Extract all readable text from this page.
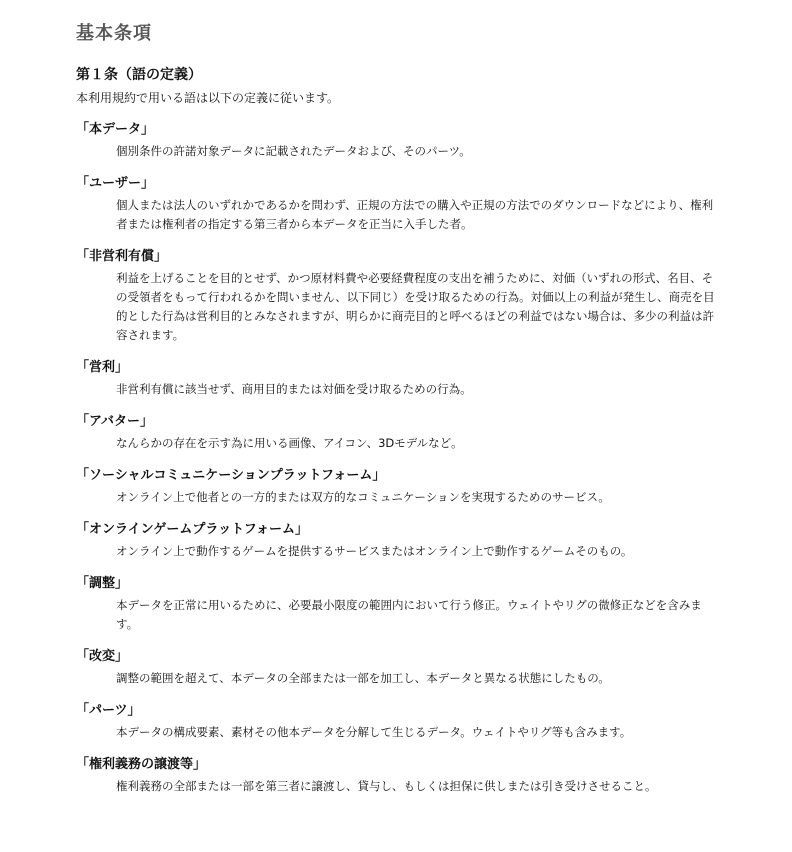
基本条項
第１条（語の定義）

本利用規約で用いる語は以下の定義に従います。

「本データ」

個別条件の許諾対象データに記載されたデータおよび、そのパーツ。

「ユーザー」

個人または法人のいずれかであるかを問わず、正規の方法での購入や正規の方法でのダウンロードなどにより、権利者または権利者の指定する第三者から本データを正当に入手した者。

「非営利有償」

利益を上げることを目的とせず、かつ原材料費や必要経費程度の支出を補うために、対価（いずれの形式、名目、その受領者をもって行われるかを問いません、以下同じ）を受け取るための行為。対価以上の利益が発生し、商売を目的とした行為は営利目的とみなされますが、明らかに商売目的と呼べるほどの利益ではない場合は、多少の利益は許容されます。

「営利」

非営利有償に該当せず、商用目的または対価を受け取るための行為。

「アバター」

なんらかの存在を示す為に用いる画像、アイコン、3Dモデルなど。

「ソーシャルコミュニケーションプラットフォーム」

オンライン上で他者との一方的または双方的なコミュニケーションを実現するためのサービス。

「オンラインゲームプラットフォーム」

オンライン上で動作するゲームを提供するサービスまたはオンライン上で動作するゲームそのもの。

「調整」

本データを正常に用いるために、必要最小限度の範囲内において行う修正。ウェイトやリグの微修正などを含みます。

「改変」

調整の範囲を超えて、本データの全部または一部を加工し、本データと異なる状態にしたもの。

「パーツ」

本データの構成要素、素材その他本データを分解して生じるデータ。ウェイトやリグ等も含みます。

「権利義務の譲渡等」

権利義務の全部または一部を第三者に譲渡し、貸与し、もしくは担保に供しまたは引き受けさせること。
